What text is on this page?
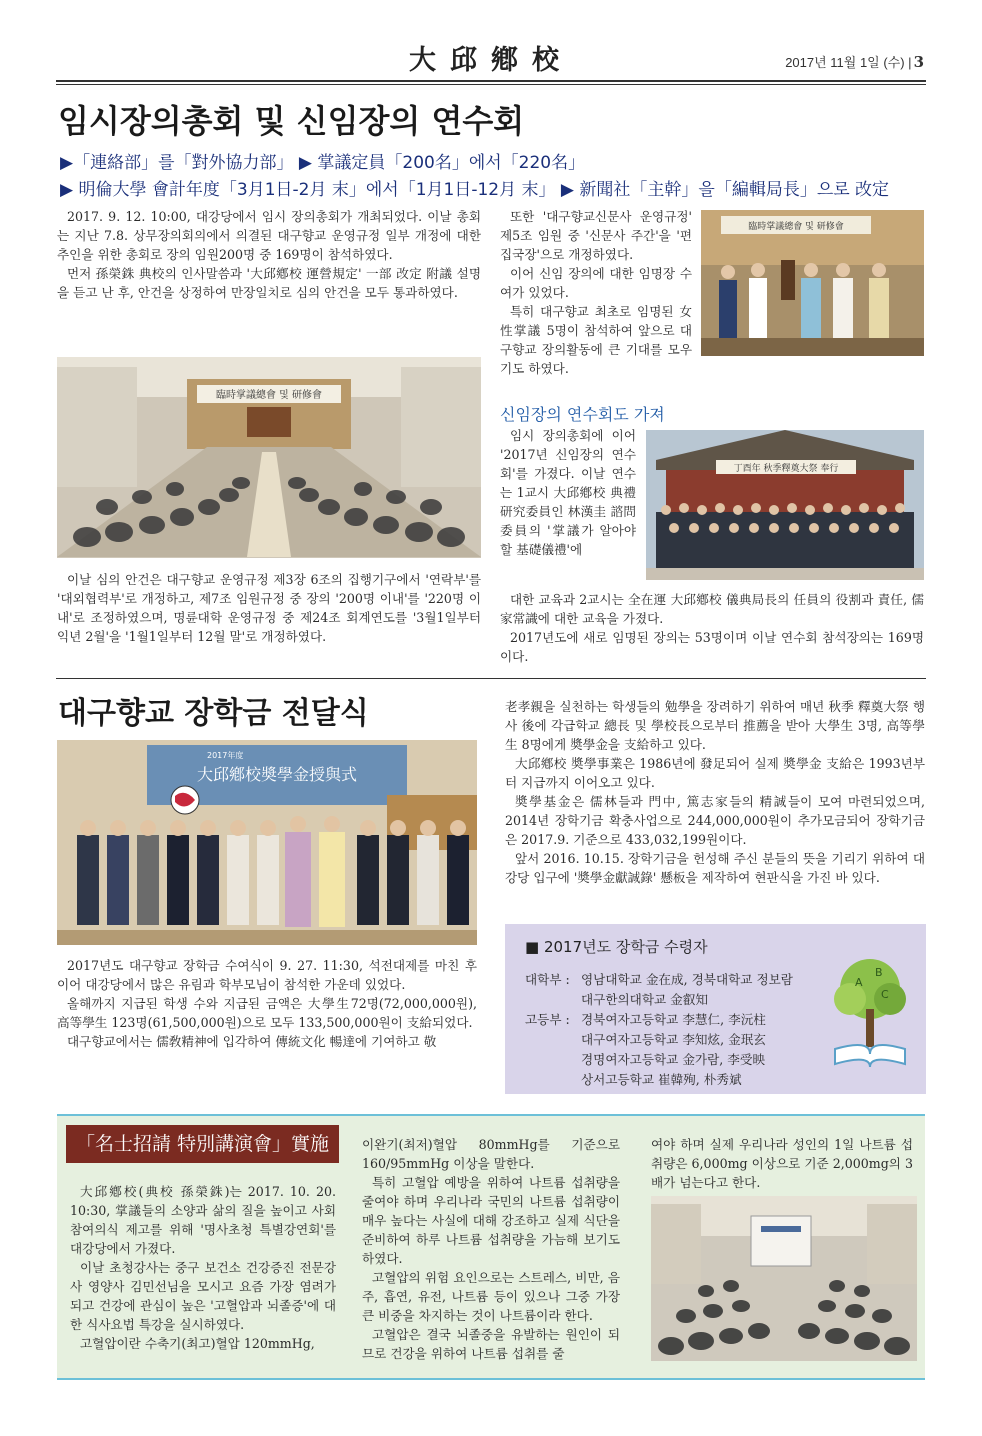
大邱鄕校	2017년 11월 1일 (수) | 3
임시장의총회 및 신임장의 연수회
▶「連絡部」를「對外協力部」 ▶ 掌議定員「200名」에서「220名」
▶ 明倫大學 會計年度「3月1日-2月 末」에서「1月1日-12月 末」 ▶ 新聞社「主幹」을「編輯局長」으로 改定

2017. 9. 12. 10:00, 대강당에서 임시 장의총회가 개최되었다. 이날 총회는 지난 7.8. 상무장의회의에서 의결된 대구향교 운영규정 일부 개정에 대한 추인을 위한 총회로 장의 임원200명 중 169명이 참석하였다.

먼저 孫榮銖 典校의 인사말씀과 '大邱鄕校 運營規定' 一部 改定 附議 설명을 듣고 난 후, 안건을 상정하여 만장일치로 심의 안건을 모두 통과하였다.

臨時掌議總會 및 研修會

이날 심의 안건은 대구향교 운영규정 제3장 6조의 집행기구에서 '연락부'를 '대외협력부'로 개정하고, 제7조 임원규정 중 장의 '200명 이내'를 '220명 이내'로 조정하였으며, 명륜대학 운영규정 중 제24조 회계연도를 '3월1일부터 익년 2월'을 '1월1일부터 12월 말'로 개정하였다.

또한 '대구향교신문사 운영규정' 제5조 임원 중 '신문사 주간'을 '편집국장'으로 개정하였다.

이어 신임 장의에 대한 임명장 수여가 있었다.

특히 대구향교 최초로 임명된 女性掌議 5명이 참석하여 앞으로 대구향교 장의활동에 큰 기대를 모우기도 하였다.

臨時掌議總會 및 研修會
신임장의 연수회도 가져

임시 장의총회에 이어 '2017년 신임장의 연수회'를 가졌다. 이날 연수는 1교시 大邱鄕校 典禮研究委員인 林漢圭 諮問委員의 '掌議가 알아야 할 基礎儀禮'에

丁酉年 秋季釋奠大祭 奉行

대한 교육과 2교시는 全在運 大邱鄕校 儀典局長의 任員의 役割과 責任, 儒家常識에 대한 교육을 가졌다.

2017년도에 새로 임명된 장의는 53명이며 이날 연수회 참석장의는 169명이다.

대구향교 장학금 전달식
2017年度
大邱鄕校奬學金授與式

2017년도 대구향교 장학금 수여식이 9. 27. 11:30, 석전대제를 마친 후 이어 대강당에서 많은 유림과 학부모님이 참석한 가운데 있었다.

올해까지 지급된 학생 수와 지급된 금액은 大學生72명(72,000,000원), 高等學生 123명(61,500,000원)으로 모두 133,500,000원이 支給되었다.

대구향교에서는 儒敎精神에 입각하여 傳統文化 暢達에 기여하고 敬

老孝親을 실천하는 학생들의 勉學을 장려하기 위하여 매년 秋季 釋奠大祭 행사 後에 각급학교 總長 및 學校長으로부터 推薦을 받아 大學生 3명, 高等學生 8명에게 奬學金을 支給하고 있다.

大邱鄕校 奬學事業은 1986년에 發足되어 실제 奬學金 支給은 1993년부터 지급까지 이어오고 있다.

奬學基金은 儒林들과 門中, 篤志家들의 精誠들이 모여 마련되었으며, 2014년 장학기금 확충사업으로 244,000,000원이 추가모금되어 장학기금은 2017.9. 기준으로 433,032,199원이다.

앞서 2016. 10.15. 장학기금을 헌성해 주신 분들의 뜻을 기리기 위하여 대강당 입구에 '奬學金獻誠錄' 懸板을 제작하여 현판식을 가진 바 있다.

■ 2017년도 장학금 수령자
대학부 : 영남대학교 金在成, 경북대학교 정보람
대구한의대학교 金叡知
고등부 : 경북여자고등학교 李慧仁, 李沅柱
대구여자고등학교 李知炫, 金珉玄
경명여자고등학교 金가람, 李受映
상서고등학교 崔韓殉, 朴秀斌
A
B
C
「名士招請 特別講演會」實施

大邱鄕校(典校 孫榮銖)는 2017. 10. 20. 10:30, 掌議들의 소양과 삶의 질을 높이고 사회 참여의식 제고를 위해 '명사초청 특별강연회'를 대강당에서 가졌다.

이날 초청강사는 중구 보건소 건강증진 전문강사 영양사 김민선님을 모시고 요즘 가장 염려가 되고 건강에 관심이 높은 '고혈압과 뇌졸증'에 대한 식사요법 특강을 실시하였다.

고혈압이란 수축기(최고)혈압 120mmHg,

이완기(최저)혈압 80mmHg를 기준으로 160/95mmHg 이상을 말한다.

특히 고혈압 예방을 위하여 나트륨 섭취량을 줄여야 하며 우리나라 국민의 나트륨 섭취량이 매우 높다는 사실에 대해 강조하고 실제 식단을 준비하여 하루 나트륨 섭취량을 가늠해 보기도 하였다.

고혈압의 위험 요인으로는 스트레스, 비만, 음주, 흡연, 유전, 나트륨 등이 있으나 그중 가장 큰 비중을 차지하는 것이 나트륨이라 한다.

고혈압은 결국 뇌졸중을 유발하는 원인이 되므로 건강을 위하여 나트륨 섭취를 줄

여야 하며 실제 우리나라 성인의 1일 나트륨 섭취량은 6,000mg 이상으로 기준 2,000mg의 3배가 넘는다고 한다.
